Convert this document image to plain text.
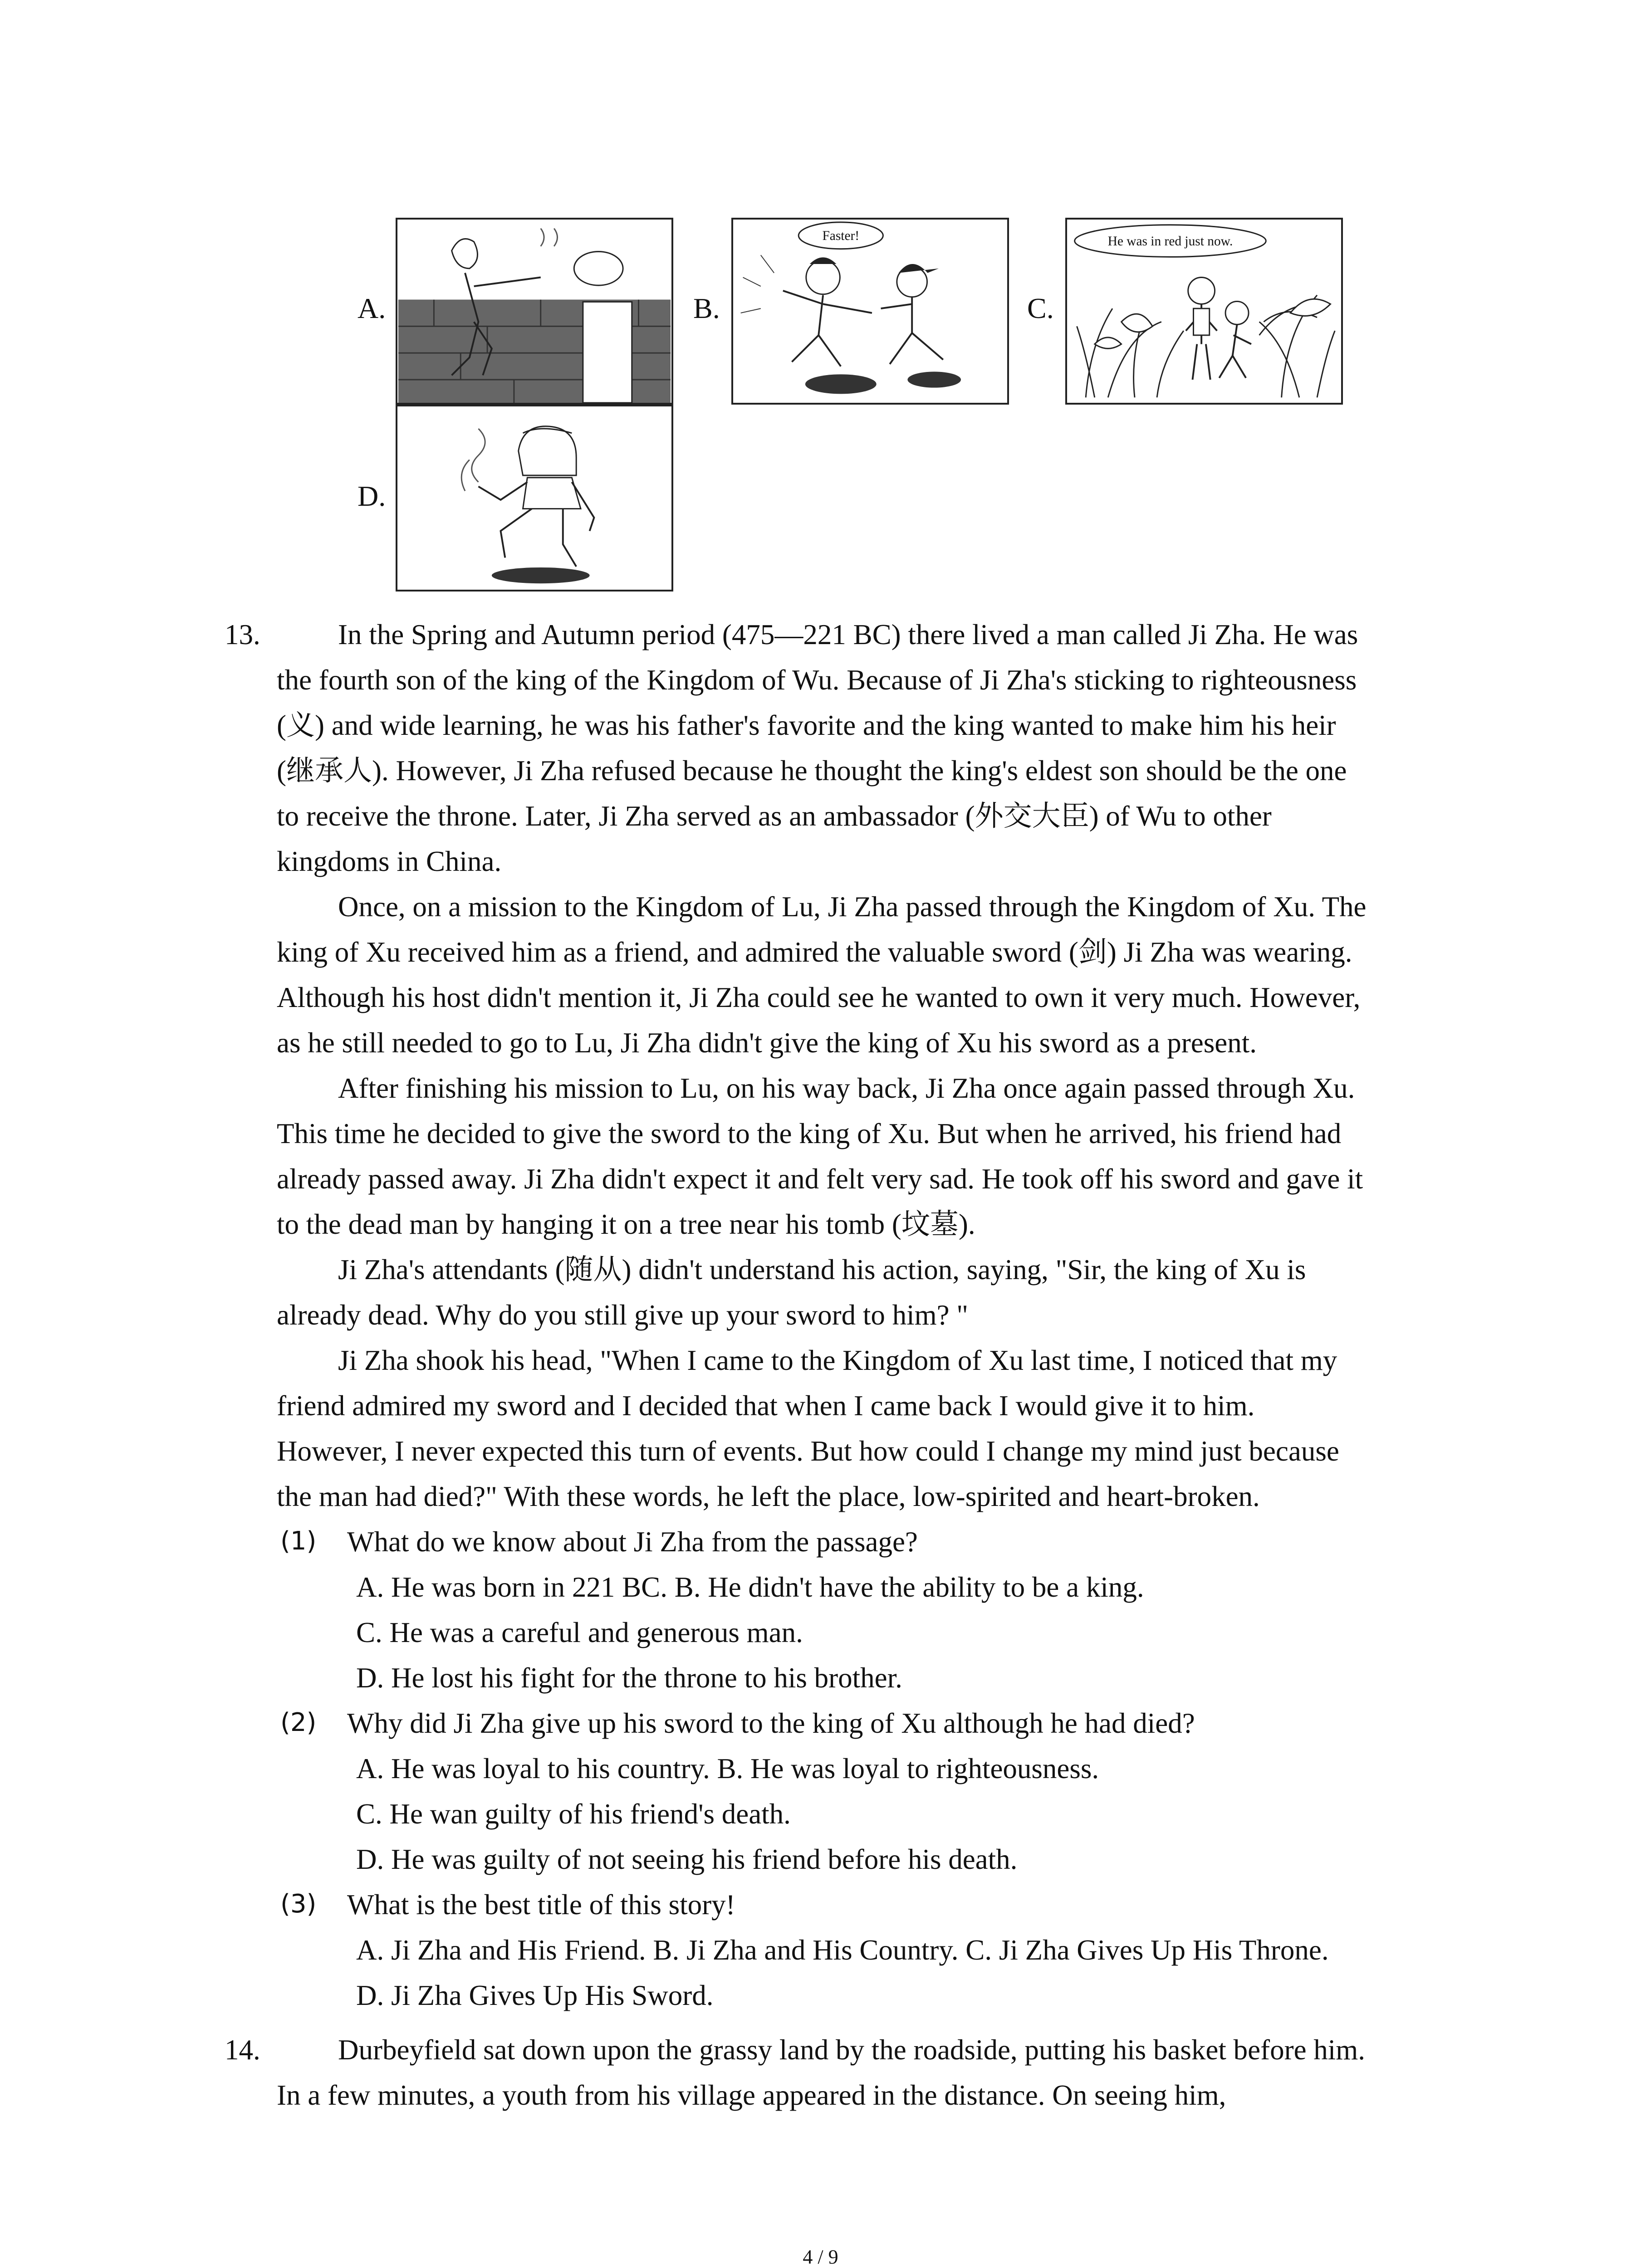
A.	B.
Faster!
C.
He was in red just now.
D.
13.	In the Spring and Autumn period (475—221 BC) there lived a man called Ji Zha. He was
the fourth son of the king of the Kingdom of Wu. Because of Ji Zha's sticking to righteousness
(义) and wide learning, he was his father's favorite and the king wanted to make him his heir
(继承人). However, Ji Zha refused because he thought the king's eldest son should be the one
to receive the throne. Later, Ji Zha served as an ambassador (外交大臣) of Wu to other
kingdoms in China.
Once, on a mission to the Kingdom of Lu, Ji Zha passed through the Kingdom of Xu. The
king of Xu received him as a friend, and admired the valuable sword (剑) Ji Zha was wearing.
Although his host didn't mention it, Ji Zha could see he wanted to own it very much. However,
as he still needed to go to Lu, Ji Zha didn't give the king of Xu his sword as a present.
After finishing his mission to Lu, on his way back, Ji Zha once again passed through Xu.
This time he decided to give the sword to the king of Xu. But when he arrived, his friend had
already passed away. Ji Zha didn't expect it and felt very sad. He took off his sword and gave it
to the dead man by hanging it on a tree near his tomb (坟墓).
Ji Zha's attendants (随从) didn't understand his action, saying, "Sir, the king of Xu is
already dead. Why do you still give up your sword to him? "
Ji Zha shook his head, "When I came to the Kingdom of Xu last time, I noticed that my
friend admired my sword and I decided that when I came back I would give it to him.
However, I never expected this turn of events. But how could I change my mind just because
the man had died?" With these words, he left the place, low-spirited and heart-broken.
(1) What do we know about Ji Zha from the passage?
A. He was born in 221 BC. B. He didn't have the ability to be a king.
C. He was a careful and generous man.
D. He lost his fight for the throne to his brother.
(2) Why did Ji Zha give up his sword to the king of Xu although he had died?
A. He was loyal to his country. B. He was loyal to righteousness.
C. He wan guilty of his friend's death.
D. He was guilty of not seeing his friend before his death.
(3) What is the best title of this story!
A. Ji Zha and His Friend. B. Ji Zha and His Country. C. Ji Zha Gives Up His Throne.
D. Ji Zha Gives Up His Sword.
14.	Durbeyfield sat down upon the grassy land by the roadside, putting his basket before him.
In a few minutes, a youth from his village appeared in the distance. On seeing him,
4 / 9
